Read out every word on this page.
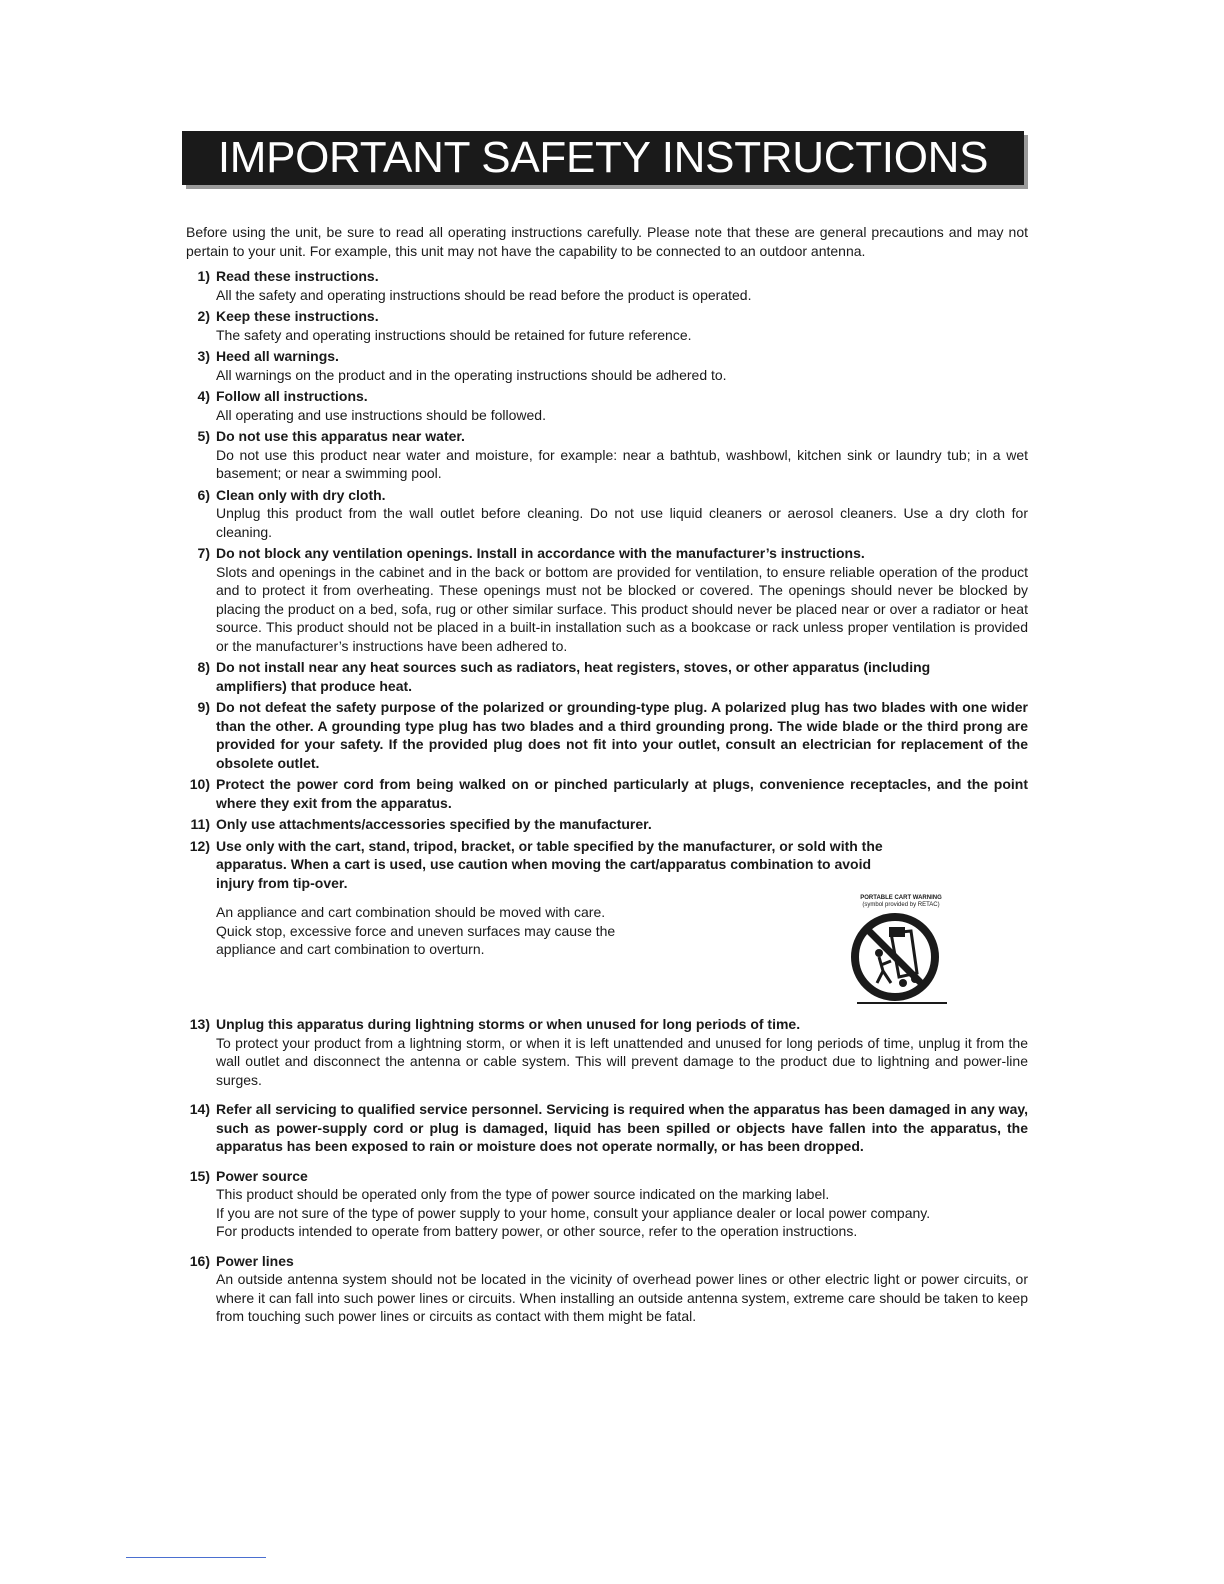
IMPORTANT SAFETY INSTRUCTIONS

Before using the unit, be sure to read all operating instructions carefully. Please note that these are general precautions and may not pertain to your unit. For example, this unit may not have the capability to be connected to an outdoor antenna.

1) Read these instructions.
All the safety and operating instructions should be read before the product is operated.
2) Keep these instructions.
The safety and operating instructions should be retained for future reference.
3) Heed all warnings.
All warnings on the product and in the operating instructions should be adhered to.
4) Follow all instructions.
All operating and use instructions should be followed.
5) Do not use this apparatus near water.
Do not use this product near water and moisture, for example: near a bathtub, washbowl, kitchen sink or laundry tub; in a wet basement; or near a swimming pool.
6) Clean only with dry cloth.
Unplug this product from the wall outlet before cleaning. Do not use liquid cleaners or aerosol cleaners. Use a dry cloth for cleaning.
7) Do not block any ventilation openings. Install in accordance with the manufacturer’s instructions.
Slots and openings in the cabinet and in the back or bottom are provided for ventilation, to ensure reliable operation of the product and to protect it from overheating. These openings must not be blocked or covered. The openings should never be blocked by placing the product on a bed, sofa, rug or other similar surface. This product should never be placed near or over a radiator or heat source. This product should not be placed in a built-in installation such as a bookcase or rack unless proper ventilation is provided or the manufacturer’s instructions have been adhered to.
8) Do not install near any heat sources such as radiators, heat registers, stoves, or other apparatus (including amplifiers) that produce heat.
9) Do not defeat the safety purpose of the polarized or grounding-type plug. A polarized plug has two blades with one wider than the other. A grounding type plug has two blades and a third grounding prong. The wide blade or the third prong are provided for your safety. If the provided plug does not fit into your outlet, consult an electrician for replacement of the obsolete outlet.
10) Protect the power cord from being walked on or pinched particularly at plugs, convenience receptacles, and the point where they exit from the apparatus.
11) Only use attachments/accessories specified by the manufacturer.
12) Use only with the cart, stand, tripod, bracket, or table specified by the manufacturer, or sold with the apparatus. When a cart is used, use caution when moving the cart/apparatus combination to avoid injury from tip-over.
An appliance and cart combination should be moved with care.
Quick stop, excessive force and uneven surfaces may cause the
appliance and cart combination to overturn.
PORTABLE CART WARNING
(symbol provided by RETAC)
13) Unplug this apparatus during lightning storms or when unused for long periods of time.
To protect your product from a lightning storm, or when it is left unattended and unused for long periods of time, unplug it from the wall outlet and disconnect the antenna or cable system. This will prevent damage to the product due to lightning and power-line surges.
14) Refer all servicing to qualified service personnel. Servicing is required when the apparatus has been damaged in any way, such as power-supply cord or plug is damaged, liquid has been spilled or objects have fallen into the apparatus, the apparatus has been exposed to rain or moisture does not operate normally, or has been dropped.
15) Power source
This product should be operated only from the type of power source indicated on the marking label.
If you are not sure of the type of power supply to your home, consult your appliance dealer or local power company.
For products intended to operate from battery power, or other source, refer to the operation instructions.
16) Power lines
An outside antenna system should not be located in the vicinity of overhead power lines or other electric light or power circuits, or where it can fall into such power lines or circuits. When installing an outside antenna system, extreme care should be taken to keep from touching such power lines or circuits as contact with them might be fatal.
